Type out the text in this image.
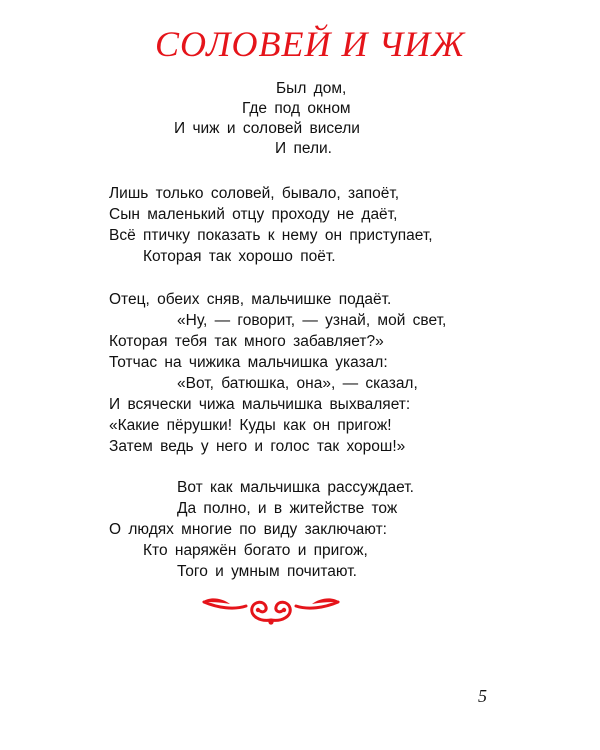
СОЛОВЕЙ И ЧИЖ
Был дом,
Где под окном
И чиж и соловей висели
И пели.
Лишь только соловей, бывало, запоёт,
Сын маленький отцу проходу не даёт,
Всё птичку показать к нему он приступает,
Которая так хорошо поёт.
Отец, обеих сняв, мальчишке подаёт.
«Ну, — говорит, — узнай, мой свет,
Которая тебя так много забавляет?»
Тотчас на чижика мальчишка указал:
«Вот, батюшка, она», — сказал,
И всячески чижа мальчишка выхваляет:
«Какие пёрушки! Куды как он пригож!
Затем ведь у него и голос так хорош!»
Вот как мальчишка рассуждает.
Да полно, и в житействе тож
О людях многие по виду заключают:
Кто наряжён богато и пригож,
Того и умным почитают.
5
